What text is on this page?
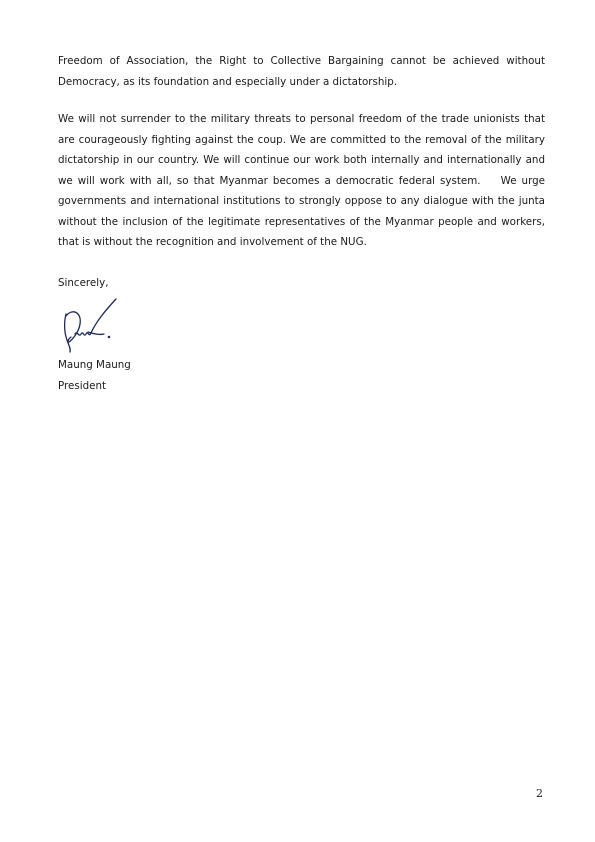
Freedom of Association, the Right to Collective Bargaining cannot be achieved without Democracy, as its foundation and especially under a dictatorship.

We will not surrender to the military threats to personal freedom of the trade unionists that are courageously fighting against the coup. We are committed to the removal of the military dictatorship in our country. We will continue our work both internally and internationally and we will work with all, so that Myanmar becomes a democratic federal system.    We urge governments and international institutions to strongly oppose to any dialogue with the junta without the inclusion of the legitimate representatives of the Myanmar people and workers, that is without the recognition and involvement of the NUG.

Sincerely,

Maung Maung

President

2
